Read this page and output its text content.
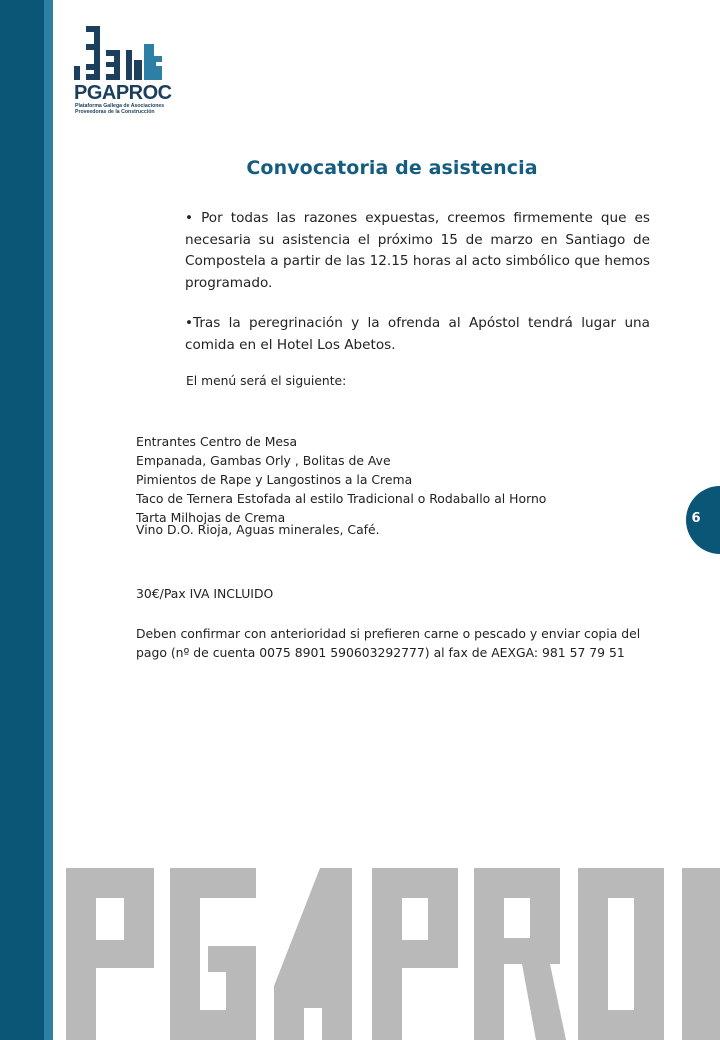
PGAPROC

Plataforma Gallega de Asociaciones
Proveedoras de la Construcción
Convocatoria de asistencia

• Por todas las razones expuestas, creemos firmemente que es necesaria su asistencia el próximo 15 de marzo en Santiago de Compostela a partir de las 12.15 horas al acto simbólico que hemos programado.

•Tras la peregrinación y la ofrenda al Apóstol tendrá lugar una comida en el Hotel Los Abetos.

El menú será el siguiente:

Entrantes Centro de Mesa
Empanada, Gambas Orly , Bolitas de Ave
Pimientos de Rape y Langostinos a la Crema
Taco de Ternera Estofada al estilo Tradicional o Rodaballo al Horno
Tarta Milhojas de Crema

Vino D.O. Rioja, Aguas minerales, Café.

30€/Pax IVA INCLUIDO

Deben confirmar con anterioridad si prefieren carne o pescado y enviar copia del pago (nº de cuenta 0075 8901 590603292777) al fax de AEXGA: 981 57 79 51

6
